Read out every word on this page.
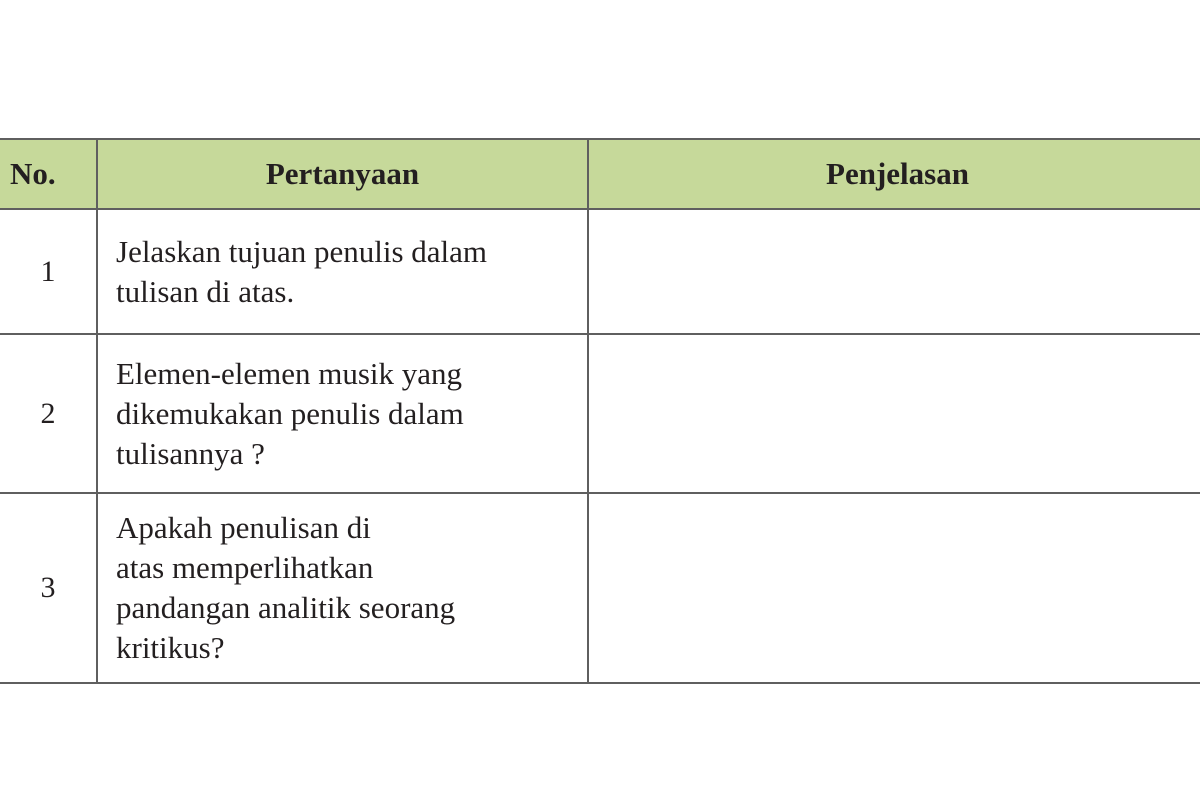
No.	Pertanyaan	Penjelasan
1	Jelaskan tujuan penulis dalam
tulisan di atas.	
2	Elemen-elemen musik yang
dikemukakan penulis dalam
tulisannya ?	
3	Apakah penulisan di
atas memperlihatkan
pandangan analitik seorang
kritikus?	
